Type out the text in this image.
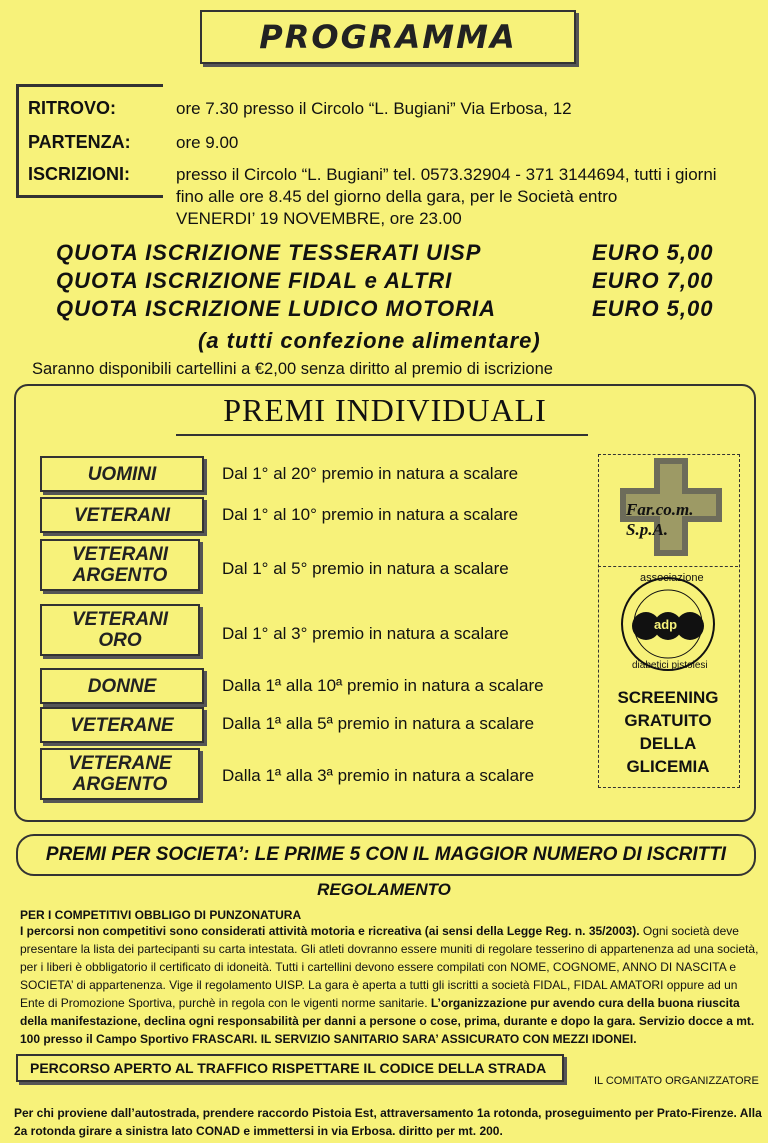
PROGRAMMA
RITROVO:	ore 7.30 presso il Circolo “L. Bugiani” Via Erbosa, 12
PARTENZA:	ore 9.00
ISCRIZIONI:	presso il Circolo “L. Bugiani” tel. 0573.32904 - 371 3144694, tutti i giorni
fino alle ore 8.45 del giorno della gara, per le Società entro
VENERDI’ 19 NOVEMBRE, ore 23.00
QUOTA ISCRIZIONE TESSERATI UISP	EURO 5,00
QUOTA ISCRIZIONE FIDAL e ALTRI	EURO 7,00
QUOTA ISCRIZIONE LUDICO MOTORIA	EURO 5,00
(a tutti confezione alimentare)
Saranno disponibili cartellini a €2,00 senza diritto al premio di iscrizione
PREMI INDIVIDUALI
UOMINI	Dal 1° al 20° premio in natura a scalare
VETERANI	Dal 1° al 10° premio in natura a scalare
VETERANI ARGENTO	Dal 1° al 5° premio in natura a scalare
VETERANI ORO	Dal 1° al 3° premio in natura a scalare
DONNE	Dalla 1ª alla 10ª premio in natura a scalare
VETERANE	Dalla 1ª alla 5ª premio in natura a scalare
VETERANE ARGENTO	Dalla 1ª alla 3ª premio in natura a scalare
Far.co.m. S.p.A.
associazione
adp
diabetici pistoiesi
SCREENING
GRATUITO
DELLA
GLICEMIA
PREMI PER SOCIETA’: LE PRIME 5 CON IL MAGGIOR NUMERO DI ISCRITTI
REGOLAMENTO
PER I COMPETITIVI OBBLIGO DI PUNZONATURA
I percorsi non competitivi sono considerati attività motoria e ricreativa (ai sensi della Legge Reg. n. 35/2003). Ogni società deve presentare la lista dei partecipanti su carta intestata. Gli atleti dovranno essere muniti di regolare tesserino di appartenenza ad una società, per i liberi è obbligatorio il certificato di idoneità. Tutti i cartellini devono essere compilati con NOME, COGNOME, ANNO DI NASCITA e SOCIETA’ di appartenenza. Vige il regolamento UISP. La gara è aperta a tutti gli iscritti a società FIDAL, FIDAL AMATORI oppure ad un Ente di Promozione Sportiva, purchè in regola con le vigenti norme sanitarie. L’organizzazione pur avendo cura della buona riuscita della manifestazione, declina ogni responsabilità per danni a persone o cose, prima, durante e dopo la gara. Servizio docce a mt. 100 presso il Campo Sportivo FRASCARI. IL SERVIZIO SANITARIO SARA’ ASSICURATO CON MEZZI IDONEI.
PERCORSO APERTO AL TRAFFICO RISPETTARE IL CODICE DELLA STRADA
IL COMITATO ORGANIZZATORE
Per chi proviene dall’autostrada, prendere raccordo Pistoia Est, attraversamento 1a rotonda, proseguimento per Prato-Firenze. Alla 2a rotonda girare a sinistra lato CONAD e immettersi in via Erbosa. diritto per mt. 200.
